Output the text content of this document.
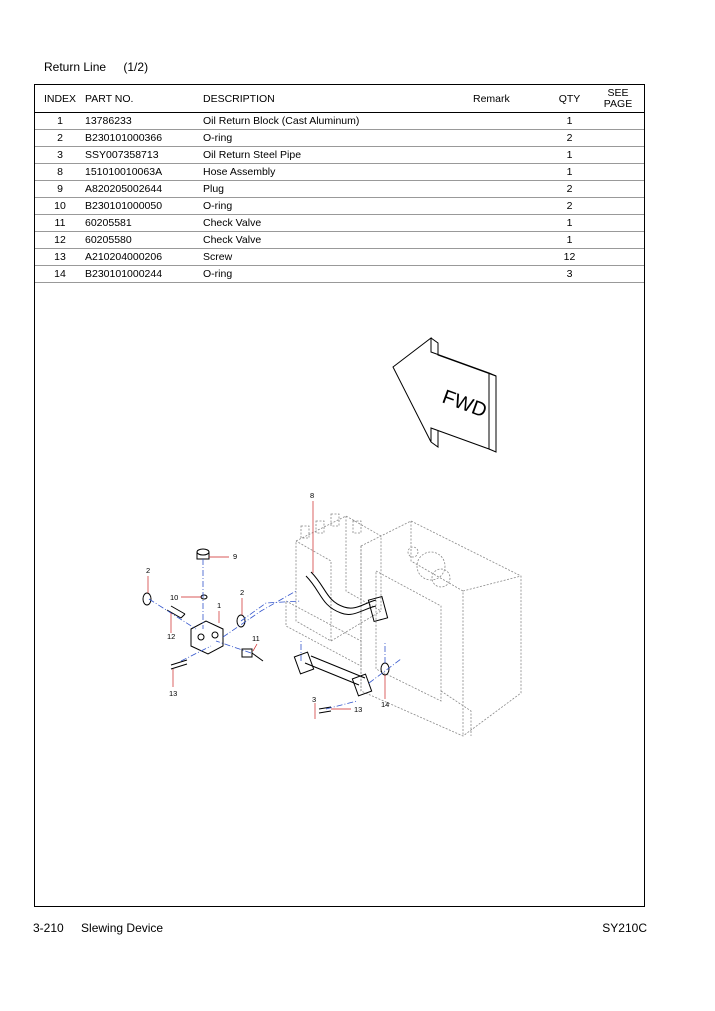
Return Line (1/2)
INDEX	PART NO.	DESCRIPTION	Remark	QTY	SEE
PAGE
1	13786233	Oil Return Block (Cast Aluminum)		1	
2	B230101000366	O-ring		2	
3	SSY007358713	Oil Return Steel Pipe		1	
8	151010010063A	Hose Assembly		1	
9	A820205002644	Plug		2	
10	B230101000050	O-ring		2	
11	60205581	Check Valve		1	
12	60205580	Check Valve		1	
13	A210204000206	Screw		12	
14	B230101000244	O-ring		3	
FWD
8
9
2
10
1
2
12	11
13
3
13
14
3-210 Slewing Device	SY210C
